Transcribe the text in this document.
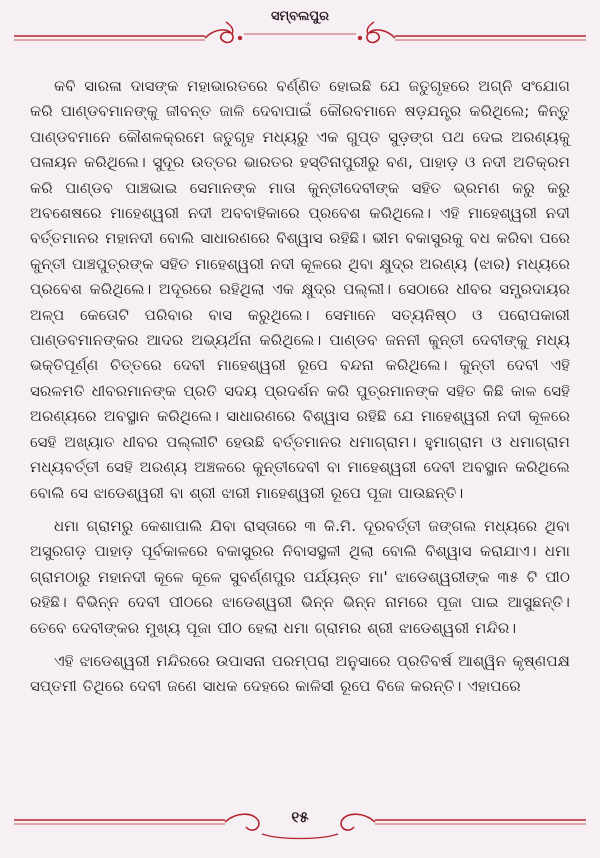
ସମ୍ବଲପୁର

କବି ସାରଳା ଦାସଙ୍କ ମହାଭାରତରେ ବର୍ଣ୍ଣିତ ହୋଇଛି ଯେ ଜତୁଗୃହରେ ଅଗ୍ନି ସଂଯୋଗ କରି ପାଣ୍ଡବମାନଙ୍କୁ ଜୀବନ୍ତ ଜାଳି ଦେବାପାଇଁ କୌରବମାନେ ଷଡ଼ଯନ୍ତ୍ର କରିଥିଲେ; କିନ୍ତୁ ପାଣ୍ଡବମାନେ କୌଶଳକ୍ରମେ ଜତୁଗୃହ ମଧ୍ୟରୁ ଏକ ଗୁପ୍ତ ସୁଡ଼ଙ୍ଗ ପଥ ଦେଇ ଅରଣ୍ୟକୁ ପଳାୟନ କରିଥିଲେ। ସୁଦୂର ଉତ୍ତର ଭାରତର ହସ୍ତିନାପୁରୀରୁ ବଣ, ପାହାଡ଼ ଓ ନଦୀ ଅତିକ୍ରମ କରି ପାଣ୍ଡବ ପାଞ୍ଚଭାଇ ସେମାନଙ୍କ ମାତା କୁନ୍ତୀଦେବୀଙ୍କ ସହିତ ଭ୍ରମଣ କରୁ କରୁ ଅବଶେଷରେ ମାହେଶ୍ୱରୀ ନଦୀ ଅବବାହିକାରେ ପ୍ରବେଶ କରିଥିଲେ। ଏହି ମାହେଶ୍ୱରୀ ନଦୀ ବର୍ତ୍ତମାନର ମହାନଦୀ ବୋଲି ସାଧାରଣରେ ବିଶ୍ୱାସ ରହିଛି। ଭୀମ ବକାସୁରକୁ ବଧ କରିବା ପରେ କୁନ୍ତୀ ପାଞ୍ଚପୁତ୍ରଙ୍କ ସହିତ ମାହେଶ୍ୱରୀ ନଦୀ କୂଳରେ ଥିବା କ୍ଷୁଦ୍ର ଅରଣ୍ୟ (ଝାର) ମଧ୍ୟରେ ପ୍ରବେଶ କରିଥିଲେ। ଅଦୂରରେ ରହିଥିଲା ଏକ କ୍ଷୁଦ୍ର ପଲ୍ଲୀ। ସେଠାରେ ଧୀବର ସମ୍ପ୍ରଦାୟର ଅଳ୍ପ କେତୋଟି ପରିବାର ବାସ କରୁଥିଲେ। ସେମାନେ ସତ୍ୟନିଷ୍ଠ ଓ ପରୋପକାରୀ ପାଣ୍ଡବମାନଙ୍କର ଆଦର ଅଭ୍ୟର୍ଥନା କରିଥିଲେ। ପାଣ୍ଡବ ଜନନୀ କୁନ୍ତୀ ଦେବୀଙ୍କୁ ମଧ୍ୟ ଭକ୍ତିପୂର୍ଣ୍ଣ ଚିତ୍ତରେ ଦେବୀ ମାହେଶ୍ୱରୀ ରୂପେ ବନ୍ଦନା କରିଥିଲେ। କୁନ୍ତୀ ଦେବୀ ଏହି ସରଳମତି ଧୀବରମାନଙ୍କ ପ୍ରତି ସଦୟ ପ୍ରଦର୍ଶନ କରି ପୁତ୍ରମାନଙ୍କ ସହିତ କିଛି କାଳ ସେହି ଅରଣ୍ୟରେ ଅବସ୍ଥାନ କରିଥିଲେ। ସାଧାରଣରେ ବିଶ୍ୱାସ ରହିଛି ଯେ ମାହେଶ୍ୱରୀ ନଦୀ କୂଳରେ ସେହି ଅଖ୍ୟାତ ଧୀବର ପଲ୍ଲୀଟି ହେଉଛି ବର୍ତ୍ତମାନର ଧମାଗ୍ରାମ। ହୁମାଗ୍ରାମ ଓ ଧମାଗ୍ରାମ ମଧ୍ୟବର୍ତ୍ତୀ ସେହି ଅରଣ୍ୟ ଅଞ୍ଚଳରେ କୁନ୍ତୀଦେବୀ ବା ମାହେଶ୍ୱରୀ ଦେବୀ ଅବସ୍ଥାନ କରିଥିଲେ ବୋଲି ସେ ଝାଡେଶ୍ୱରୀ ବା ଶ୍ରୀ ଝାରୀ ମାହେଶ୍ୱରୀ ରୂପେ ପୂଜା ପାଉଛନ୍ତି।

ଧମା ଗ୍ରାମରୁ କେଶାପାଲି ଯିବା ରାସ୍ତାରେ ୩ କି.ମି. ଦୂରବର୍ତ୍ତୀ ଜଙ୍ଗଲ ମଧ୍ୟରେ ଥିବା ଅସୁରଗଡ଼ ପାହାଡ଼ ପୂର୍ବକାଳରେ ବକାସୁରର ନିବାସସ୍ଥଳୀ ଥିଲା ବୋଲି ବିଶ୍ୱାସ କରାଯାଏ। ଧମା ଗ୍ରାମଠାରୁ ମହାନଦୀ କୂଳେ କୂଳେ ସୁବର୍ଣ୍ଣପୁର ପର୍ଯ୍ୟନ୍ତ ମା' ଝାଡେଶ୍ୱରୀଙ୍କ ୩୫ ଟି ପୀଠ ରହିଛି। ବିଭିନ୍ନ ଦେବୀ ପୀଠରେ ଝାଡେଶ୍ୱରୀ ଭିନ୍ନ ଭିନ୍ନ ନାମରେ ପୂଜା ପାଇ ଆସୁଛନ୍ତି। ତେବେ ଦେବୀଙ୍କର ମୁଖ୍ୟ ପୂଜା ପୀଠ ହେଲା ଧମା ଗ୍ରାମର ଶ୍ରୀ ଝାଡେଶ୍ୱରୀ ମନ୍ଦିର।

ଏହି ଝାଡେଶ୍ୱରୀ ମନ୍ଦିରରେ ଉପାସନା ପରମ୍ପରା ଅନୁସାରେ ପ୍ରତିବର୍ଷ ଆଶ୍ୱିନ କୃଷ୍ଣପକ୍ଷ ସପ୍ତମୀ ତିଥିରେ ଦେବୀ ଜଣେ ସାଧକ ଦେହରେ କାଳିସୀ ରୂପେ ବିଜେ କରନ୍ତି। ଏହାପରେ

୧୫
